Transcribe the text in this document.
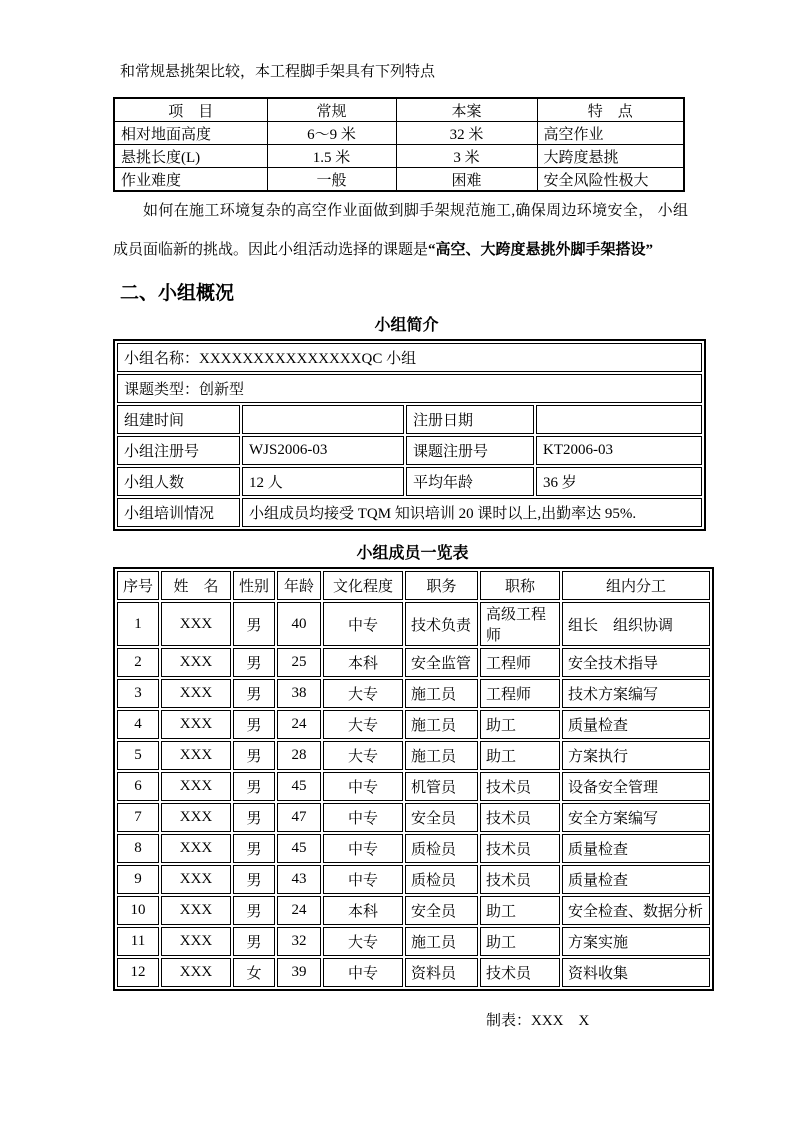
和常规悬挑架比较，本工程脚手架具有下列特点

项　目	常规	本案	特　点
相对地面高度	6～9 米	32 米	高空作业
悬挑长度(L)	1.5 米	3 米	大跨度悬挑
作业难度	一般	困难	安全风险性极大

如何在施工环境复杂的高空作业面做到脚手架规范施工,确保周边环境安全， 小组成员面临新的挑战。因此小组活动选择的课题是“高空、大跨度悬挑外脚手架搭设”

二、小组概况
小组简介
小组名称：XXXXXXXXXXXXXXXQC 小组			
课题类型：创新型			
组建时间		注册日期	
小组注册号	WJS2006-03	课题注册号	KT2006-03
小组人数	12 人	平均年龄	36 岁
小组培训情况	小组成员均接受 TQM 知识培训 20 课时以上,出勤率达 95%.		
小组成员一览表
序号	姓　名	性别	年龄	文化程度	职务	职称	组内分工
1	XXX	男	40	中专	技术负责	高级工程师	组长    组织协调
2	XXX	男	25	本科	安全监管	工程师	安全技术指导
3	XXX	男	38	大专	施工员	工程师	技术方案编写
4	XXX	男	24	大专	施工员	助工	质量检查
5	XXX	男	28	大专	施工员	助工	方案执行
6	XXX	男	45	中专	机管员	技术员	设备安全管理
7	XXX	男	47	中专	安全员	技术员	安全方案编写
8	XXX	男	45	中专	质检员	技术员	质量检查
9	XXX	男	43	中专	质检员	技术员	质量检查
10	XXX	男	24	本科	安全员	助工	安全检查、数据分析
11	XXX	男	32	大专	施工员	助工	方案实施
12	XXX	女	39	中专	资料员	技术员	资料收集

制表：XXX    X
